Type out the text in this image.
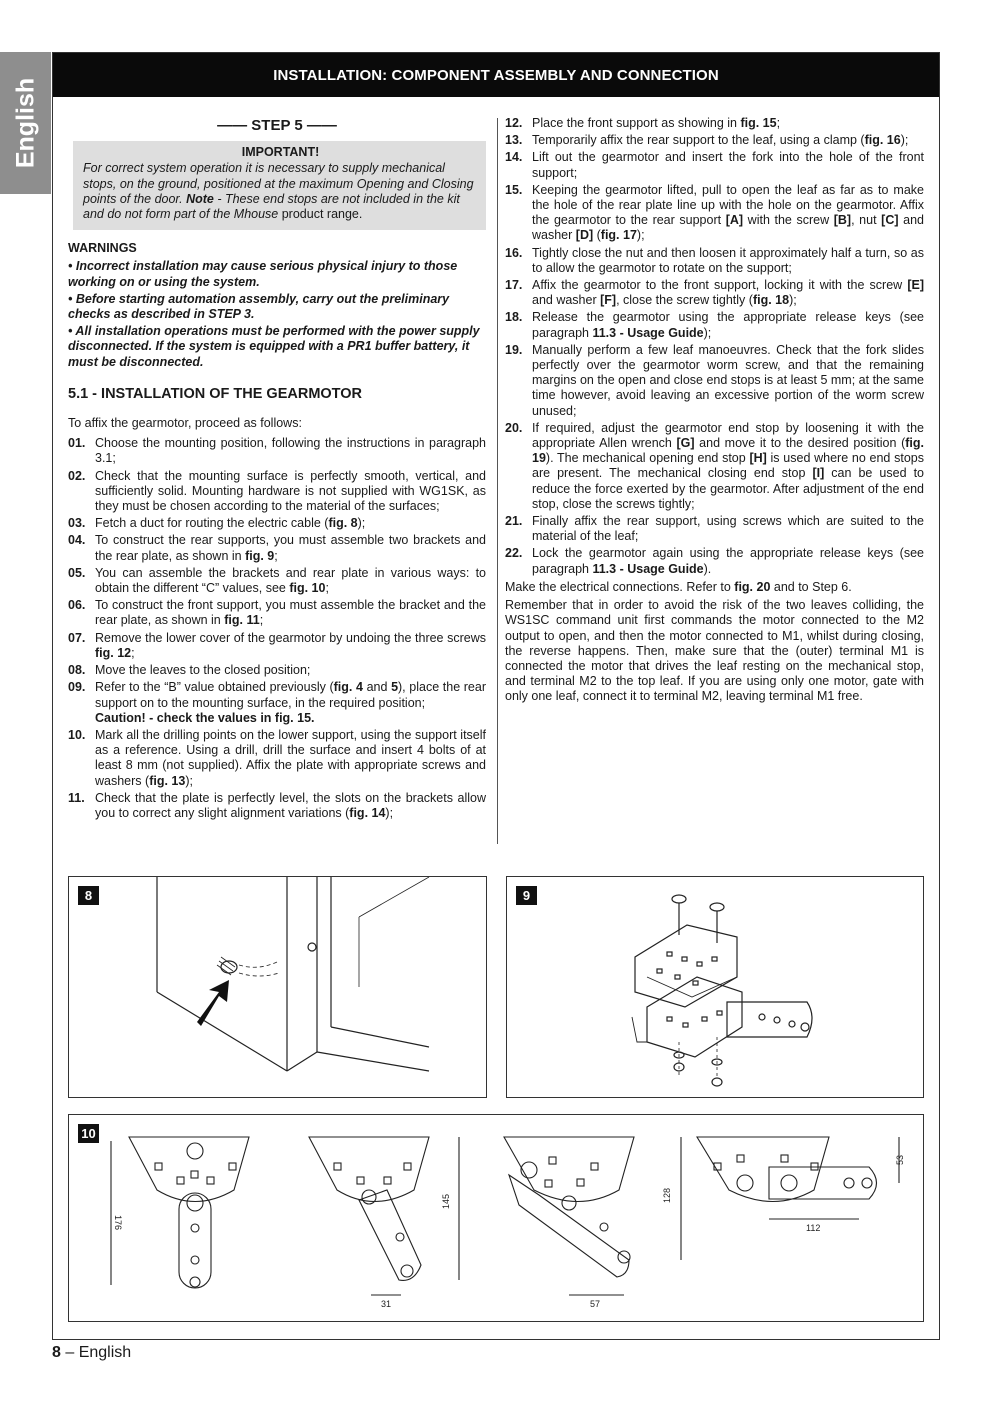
English
INSTALLATION: COMPONENT ASSEMBLY AND CONNECTION
—— STEP 5 ——
IMPORTANT!
For correct system operation it is necessary to supply mechanical stops, on the ground, positioned at the maximum Opening and Closing points of the door. Note - These end stops are not included in the kit and do not form part of the Mhouse product range.
WARNINGS
• Incorrect installation may cause serious physical injury to those working on or using the system.
• Before starting automation assembly, carry out the preliminary checks as described in STEP 3.
• All installation operations must be performed with the power supply disconnected. If the system is equipped with a PR1 buffer battery, it must be disconnected.
5.1 - INSTALLATION OF THE GEARMOTOR
To affix the gearmotor, proceed as follows:
01. Choose the mounting position, following the instructions in paragraph 3.1;
02. Check that the mounting surface is perfectly smooth, vertical, and sufficiently solid. Mounting hardware is not supplied with WG1SK, as they must be chosen according to the material of the surfaces;
03. Fetch a duct for routing the electric cable (fig. 8);
04. To construct the rear supports, you must assemble two brackets and the rear plate, as shown in fig. 9;
05. You can assemble the brackets and rear plate in various ways: to obtain the different “C” values, see fig. 10;
06. To construct the front support, you must assemble the bracket and the rear plate, as shown in fig. 11;
07. Remove the lower cover of the gearmotor by undoing the three screws fig. 12;
08. Move the leaves to the closed position;
09. Refer to the “B” value obtained previously (fig. 4 and 5), place the rear support on to the mounting surface, in the required position;
Caution! - check the values in fig. 15.
10. Mark all the drilling points on the lower support, using the support itself as a reference. Using a drill, drill the surface and insert 4 bolts of at least 8 mm (not supplied). Affix the plate with appropriate screws and washers (fig. 13);
11. Check that the plate is perfectly level, the slots on the brackets allow you to correct any slight alignment variations (fig. 14);
12. Place the front support as showing in fig. 15;
13. Temporarily affix the rear support to the leaf, using a clamp (fig. 16);
14. Lift out the gearmotor and insert the fork into the hole of the front support;
15. Keeping the gearmotor lifted, pull to open the leaf as far as to make the hole of the rear plate line up with the hole on the gearmotor. Affix the gearmotor to the rear support [A] with the screw [B], nut [C] and washer [D] (fig. 17);
16. Tightly close the nut and then loosen it approximately half a turn, so as to allow the gearmotor to rotate on the support;
17. Affix the gearmotor to the front support, locking it with the screw [E] and washer [F], close the screw tightly (fig. 18);
18. Release the gearmotor using the appropriate release keys (see paragraph 11.3 - Usage Guide);
19. Manually perform a few leaf manoeuvres. Check that the fork slides perfectly over the gearmotor worm screw, and that the remaining margins on the open and close end stops is at least 5 mm; at the same time however, avoid leaving an excessive portion of the worm screw unused;
20. If required, adjust the gearmotor end stop by loosening it with the appropriate Allen wrench [G] and move it to the desired position (fig. 19). The mechanical opening end stop [H] is used where no end stops are present. The mechanical closing end stop [I] can be used to reduce the force exerted by the gearmotor. After adjustment of the end stop, close the screws tightly;
21. Finally affix the rear support, using screws which are suited to the material of the leaf;
22. Lock the gearmotor again using the appropriate release keys (see paragraph 11.3 - Usage Guide).
Make the electrical connections. Refer to fig. 20 and to Step 6.
Remember that in order to avoid the risk of the two leaves colliding, the WS1SC command unit first commands the motor connected to the M2 output to open, and then the motor connected to M1, whilst during closing, the reverse happens. Then, make sure that the (outer) terminal M1 is connected the motor that drives the leaf resting on the mechanical stop, and terminal M2 to the top leaf. If you are using only one motor, gate with only one leaf, connect it to terminal M2, leaving terminal M1 free.
8	9
10
176
145
31
128
57
53
112
8 – English
